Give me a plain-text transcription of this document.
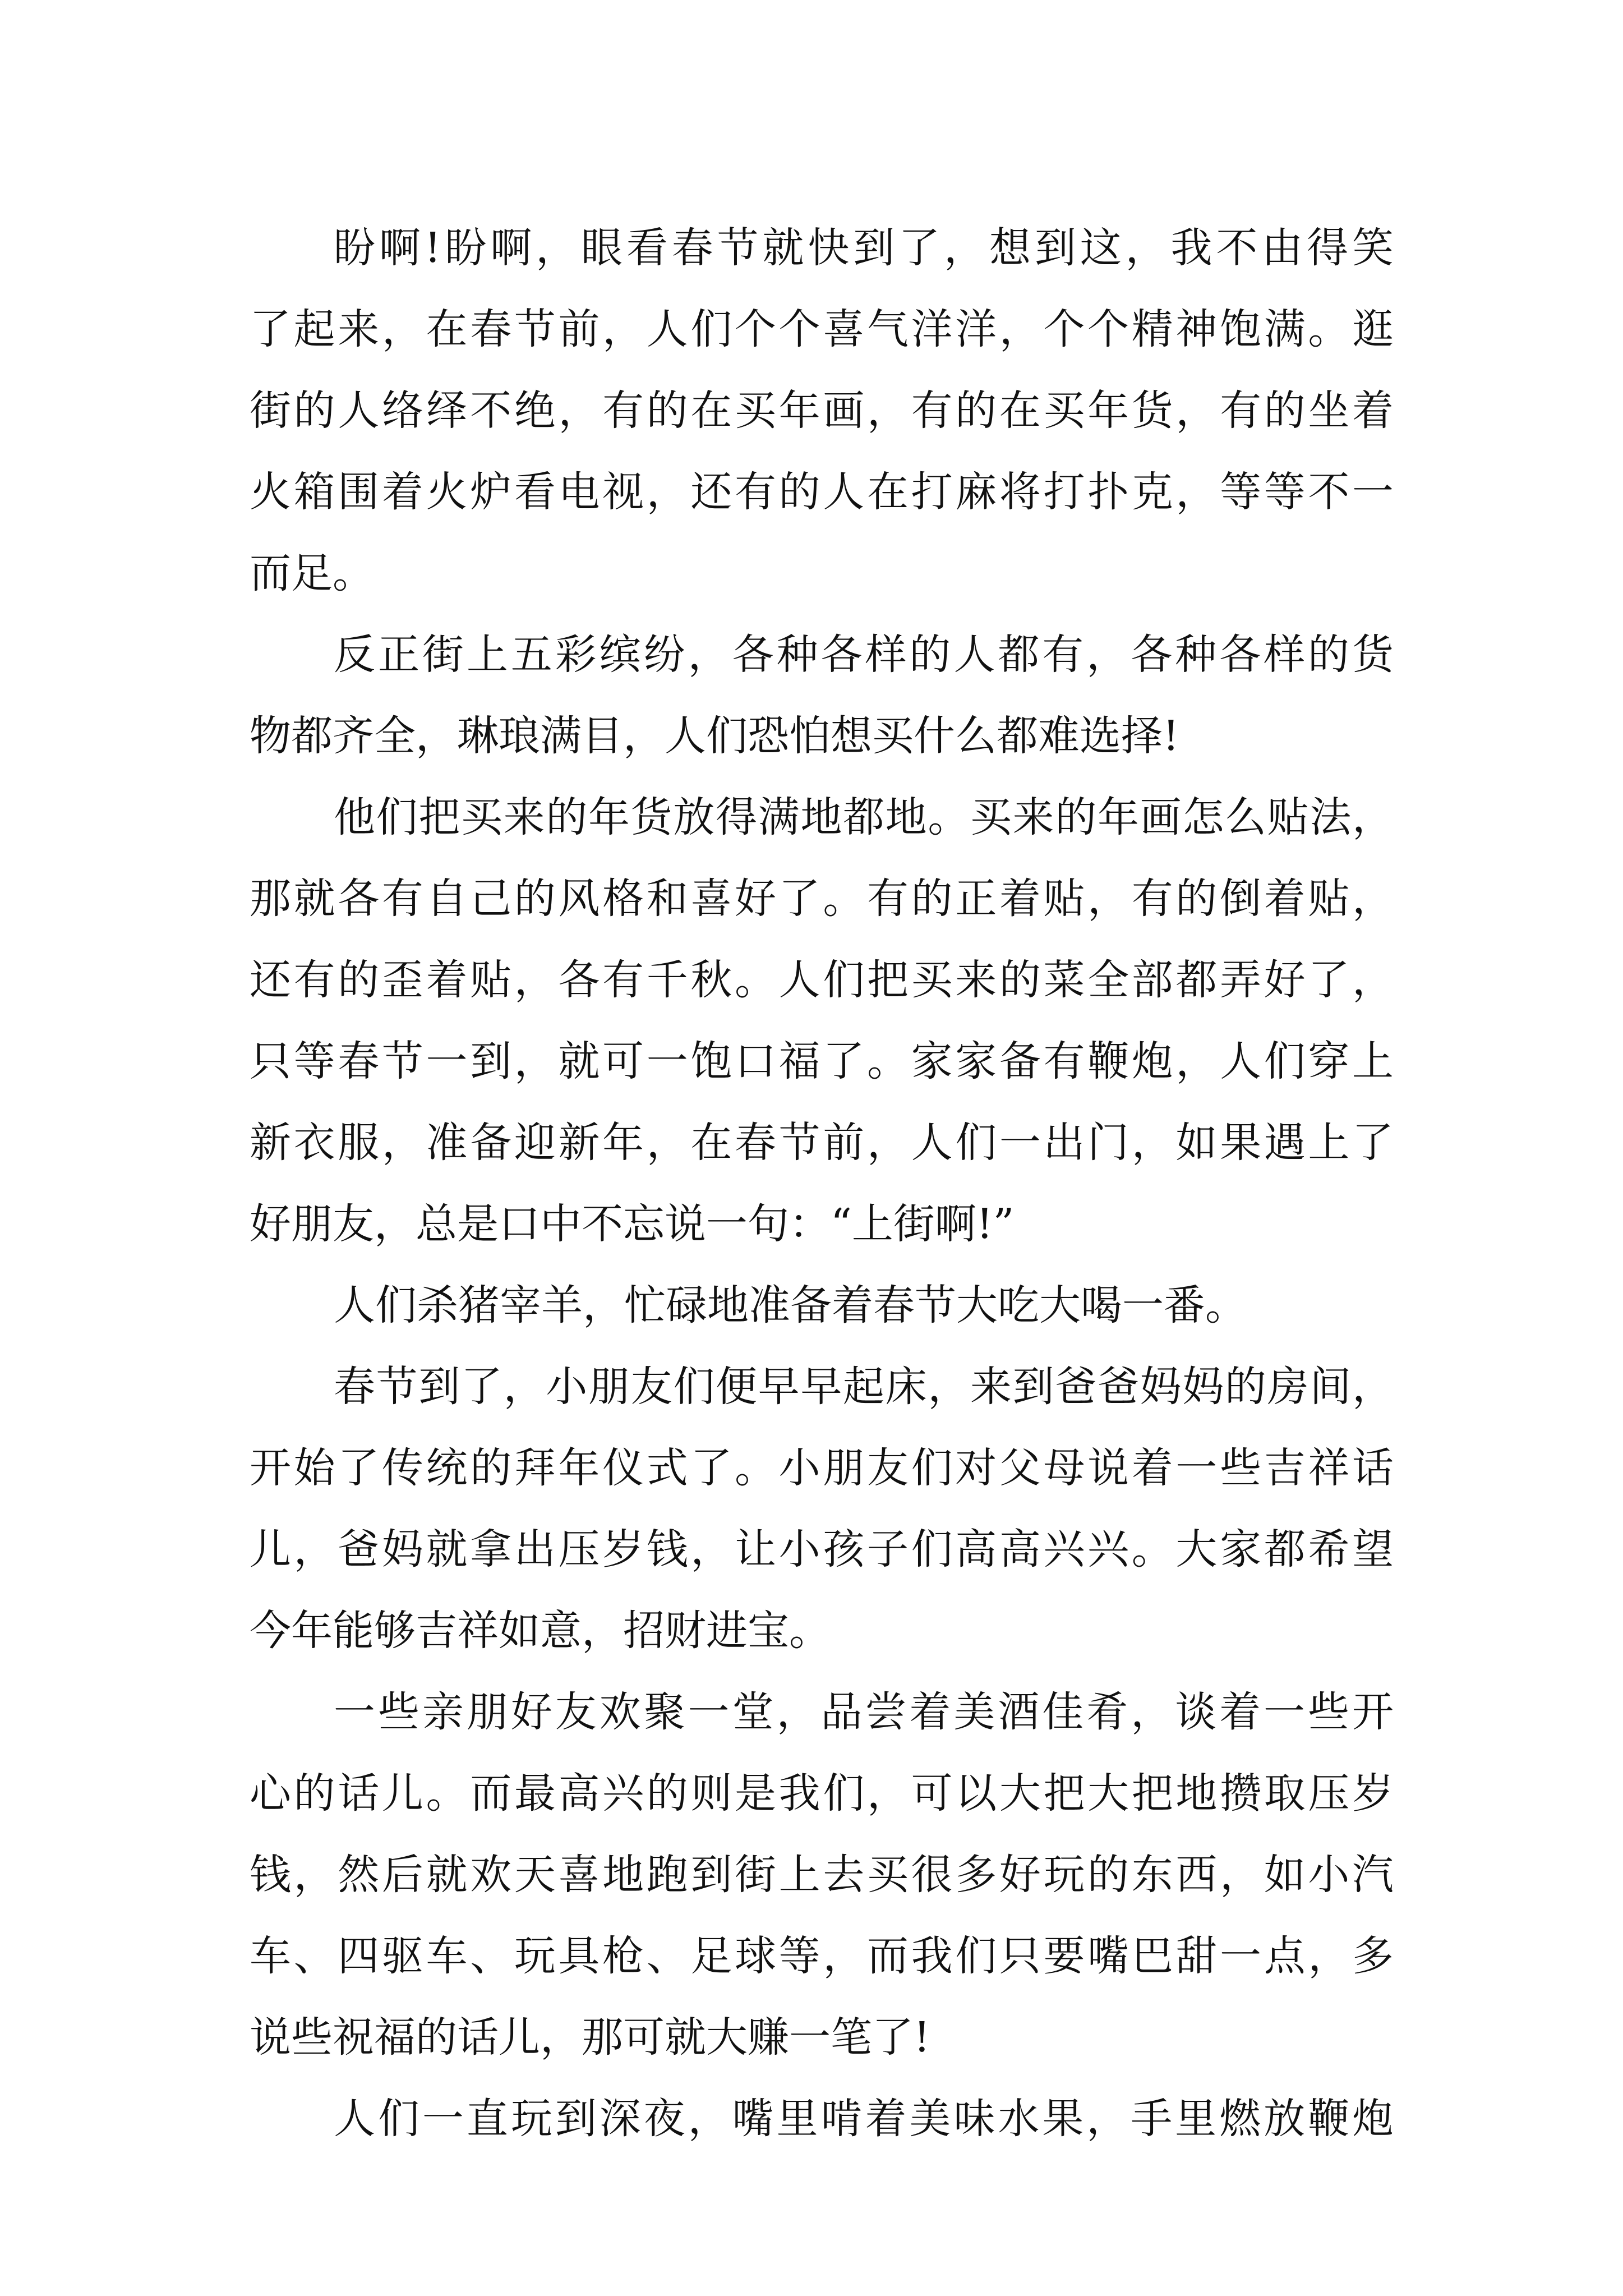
盼啊!盼啊，眼看春节就快到了，想到这，我不由得笑
了起来，在春节前，人们个个喜气洋洋，个个精神饱满。逛
街的人络绎不绝，有的在买年画，有的在买年货，有的坐着
火箱围着火炉看电视，还有的人在打麻将打扑克，等等不一
而足。
反正街上五彩缤纷，各种各样的人都有，各种各样的货
物都齐全，琳琅满目，人们恐怕想买什么都难选择!
他们把买来的年货放得满地都地。买来的年画怎么贴法，
那就各有自己的风格和喜好了。有的正着贴，有的倒着贴，
还有的歪着贴，各有千秋。人们把买来的菜全部都弄好了，
只等春节一到，就可一饱口福了。家家备有鞭炮，人们穿上
新衣服，准备迎新年，在春节前，人们一出门，如果遇上了
好朋友，总是口中不忘说一句：“上街啊!”
人们杀猪宰羊，忙碌地准备着春节大吃大喝一番。
春节到了，小朋友们便早早起床，来到爸爸妈妈的房间，
开始了传统的拜年仪式了。小朋友们对父母说着一些吉祥话
儿，爸妈就拿出压岁钱，让小孩子们高高兴兴。大家都希望
今年能够吉祥如意，招财进宝。
一些亲朋好友欢聚一堂，品尝着美酒佳肴，谈着一些开
心的话儿。而最高兴的则是我们，可以大把大把地攒取压岁
钱，然后就欢天喜地跑到街上去买很多好玩的东西，如小汽
车、四驱车、玩具枪、足球等，而我们只要嘴巴甜一点，多
说些祝福的话儿，那可就大赚一笔了!
人们一直玩到深夜，嘴里啃着美味水果，手里燃放鞭炮
